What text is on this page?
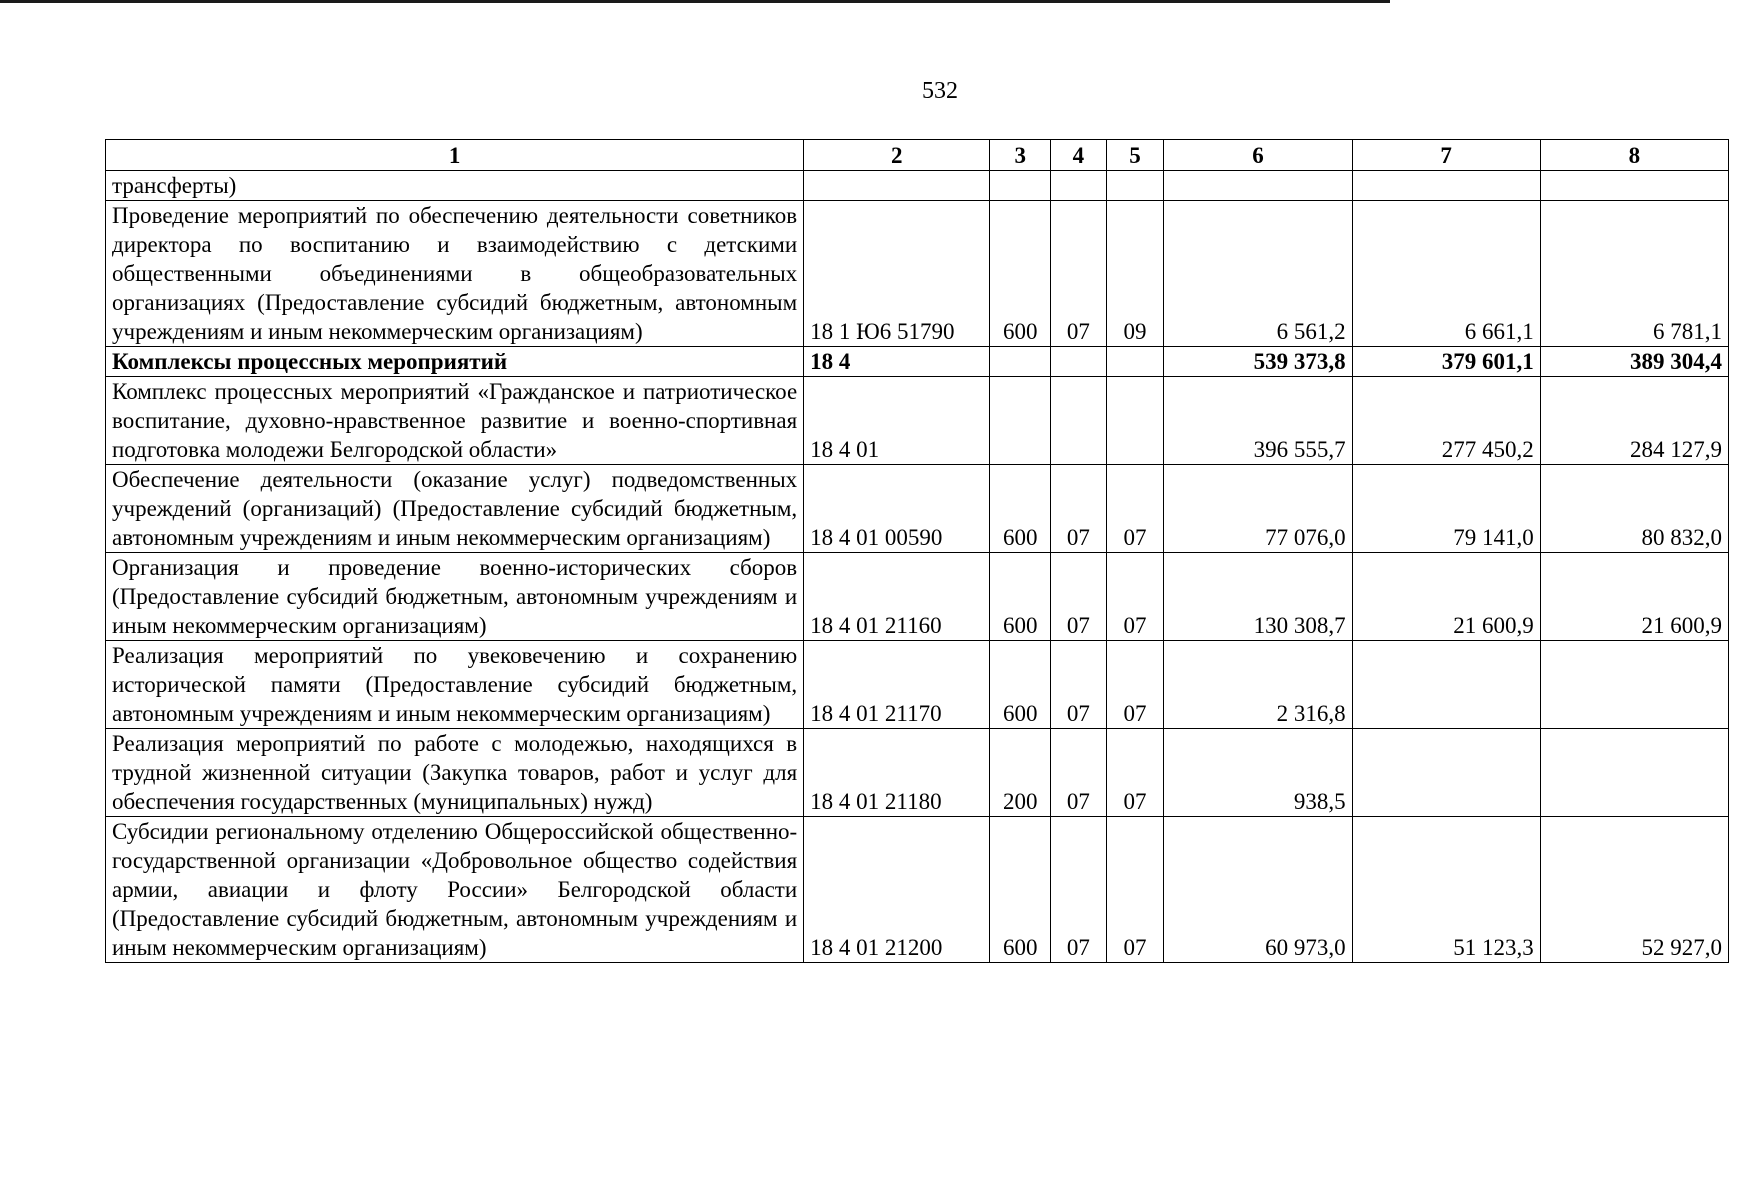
532
1	2	3	4	5	6	7	8
трансферты)							
Проведение мероприятий по обеспечению деятельности советников директора по воспитанию и взаимодействию с детскими общественными объединениями в общеобразовательных организациях (Предоставление субсидий бюджетным, автономным учреждениям и иным некоммерческим организациям)	18 1 Ю6 51790	600	07	09	6 561,2	6 661,1	6 781,1
Комплексы процессных мероприятий	18 4				539 373,8	379 601,1	389 304,4
Комплекс процессных мероприятий «Гражданское и патриотическое воспитание, духовно-нравственное развитие и военно-спортивная подготовка молодежи Белгородской области»	18 4 01				396 555,7	277 450,2	284 127,9
Обеспечение деятельности (оказание услуг) подведомственных учреждений (организаций) (Предоставление субсидий бюджетным, автономным учреждениям и иным некоммерческим организациям)	18 4 01 00590	600	07	07	77 076,0	79 141,0	80 832,0
Организация и проведение военно-исторических сборов (Предоставление субсидий бюджетным, автономным учреждениям и иным некоммерческим организациям)	18 4 01 21160	600	07	07	130 308,7	21 600,9	21 600,9
Реализация мероприятий по увековечению и сохранению исторической памяти (Предоставление субсидий бюджетным, автономным учреждениям и иным некоммерческим организациям)	18 4 01 21170	600	07	07	2 316,8		
Реализация мероприятий по работе с молодежью, находящихся в трудной жизненной ситуации (Закупка товаров, работ и услуг для обеспечения государственных (муниципальных) нужд)	18 4 01 21180	200	07	07	938,5		
Субсидии региональному отделению Общероссийской общественно-государственной организации «Добровольное общество содействия армии, авиации и флоту России» Белгородской области (Предоставление субсидий бюджетным, автономным учреждениям и иным некоммерческим организациям)	18 4 01 21200	600	07	07	60 973,0	51 123,3	52 927,0
